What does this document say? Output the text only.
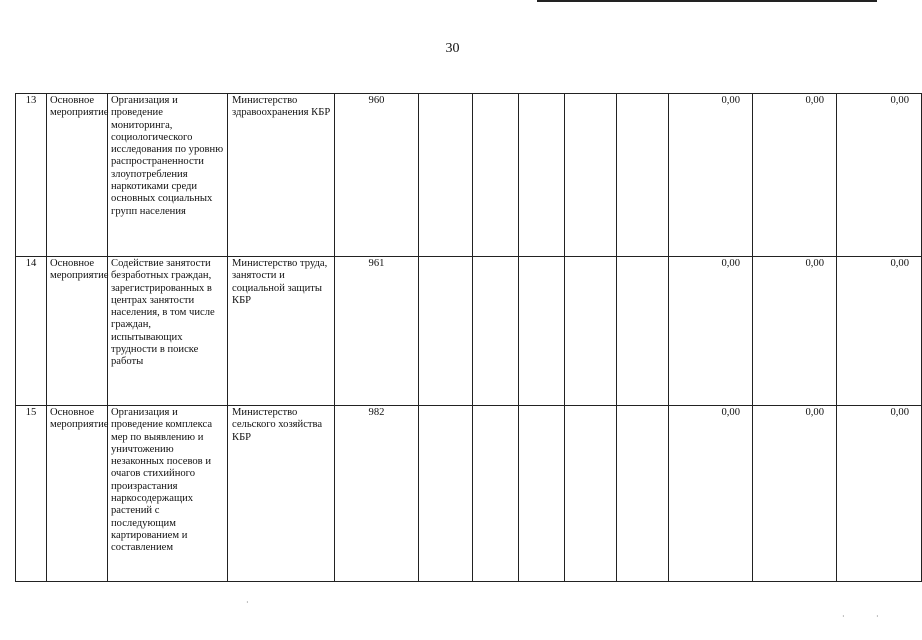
30
13	Основное мероприятие	Организация и проведение мониторинга, социологического исследования по уровню распространенности злоупотребления наркотиками среди основных социальных групп населения	Министерство здравоохранения КБР	960						0,00	0,00	0,00
14	Основное мероприятие	Содействие занятости безработных граждан, зарегистрированных в центрах занятости населения, в том числе граждан, испытывающих трудности в поиске работы	Министерство труда, занятости и социальной защиты КБР	961						0,00	0,00	0,00
15	Основное мероприятие	Организация и проведение комплекса мер по выявлению и уничтожению незаконных посевов и очагов стихийного произрастания наркосодержащих растений с последующим картированием и составлением	Министерство сельского хозяйства КБР	982						0,00	0,00	0,00
·
·	·
